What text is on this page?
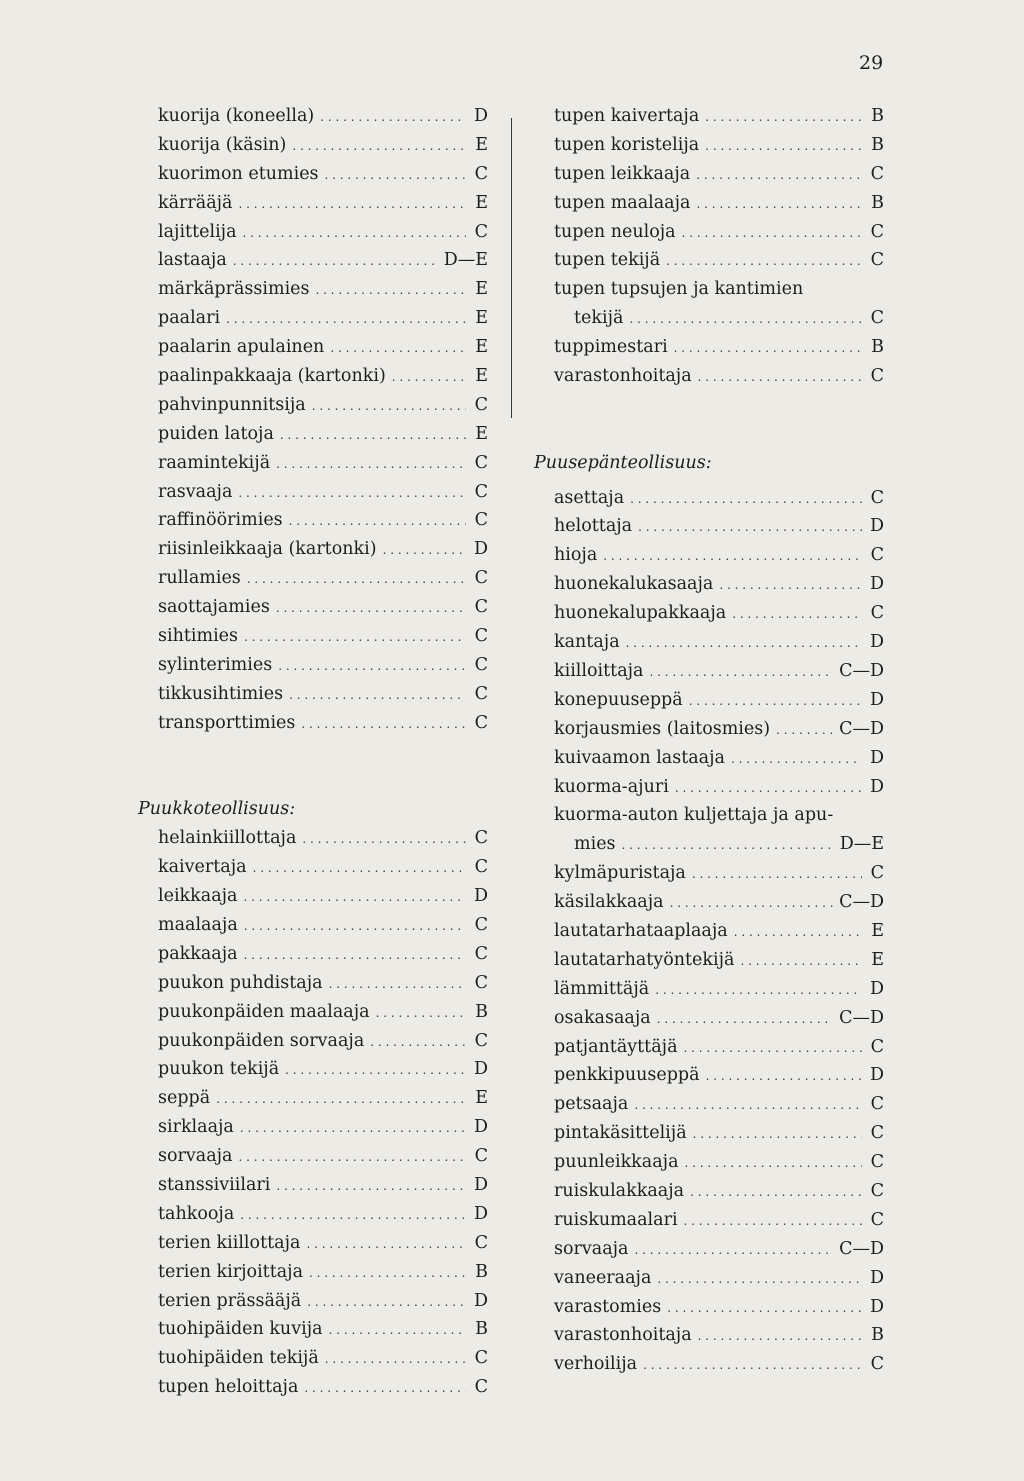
29
kuorija (koneella) . . .	D
kuorija (käsin) . . .	E
kuorimon etumies . . .	C
kärrääjä . . .	E
lajittelija . . .	C
lastaaja . . .	D—E
märkäprässimies . . .	E
paalari . . .	E
paalarin apulainen . . .	E
paalinpakkaaja (kartonki) . . .	E
pahvinpunnitsija . . .	C
puiden latoja . . .	E
raamintekijä . . .	C
rasvaaja . . .	C
raffinöörimies . . .	C
riisinleikkaaja (kartonki) . . .	D
rullamies . . .	C
saottajamies . . .	C
sihtimies . . .	C
sylinterimies . . .	C
tikkusihtimies . . .	C
transporttimies . . .	C
Puukkoteollisuus:
helainkiillottaja . . .	C
kaivertaja . . .	C
leikkaaja . . .	D
maalaaja . . .	C
pakkaaja . . .	C
puukon puhdistaja . . .	C
puukonpäiden maalaaja . . .	B
puukonpäiden sorvaaja . . .	C
puukon tekijä . . .	D
seppä . . .	E
sirklaaja . . .	D
sorvaaja . . .	C
stanssiviilari . . .	D
tahkooja . . .	D
terien kiillottaja . . .	C
terien kirjoittaja . . .	B
terien prässääjä . . .	D
tuohipäiden kuvija . . .	B
tuohipäiden tekijä . . .	C
tupen heloittaja . . .	C
tupen kaivertaja . . .	B
tupen koristelija . . .	B
tupen leikkaaja . . .	C
tupen maalaaja . . .	B
tupen neuloja . . .	C
tupen tekijä . . .	C
tupen tupsujen ja kantimien
tekijä . . .	C
tuppimestari . . .	B
varastonhoitaja . . .	C
Puusepänteollisuus:
asettaja . . .	C
helottaja . . .	D
hioja . . .	C
huonekalukasaaja . . .	D
huonekalupakkaaja . . .	C
kantaja . . .	D
kiilloittaja . . .	C—D
konepuuseppä . . .	D
korjausmies (laitosmies) . . .	C—D
kuivaamon lastaaja . . .	D
kuorma-ajuri . . .	D
kuorma-auton kuljettaja ja apu-
mies . . .	D—E
kylmäpuristaja . . .	C
käsilakkaaja . . .	C—D
lautatarhataaplaaja . . .	E
lautatarhatyöntekijä . . .	E
lämmittäjä . . .	D
osakasaaja . . .	C—D
patjantäyttäjä . . .	C
penkkipuuseppä . . .	D
petsaaja . . .	C
pintakäsittelijä . . .	C
puunleikkaaja . . .	C
ruiskulakkaaja . . .	C
ruiskumaalari . . .	C
sorvaaja . . .	C—D
vaneeraaja . . .	D
varastomies . . .	D
varastonhoitaja . . .	B
verhoilija . . .	C
